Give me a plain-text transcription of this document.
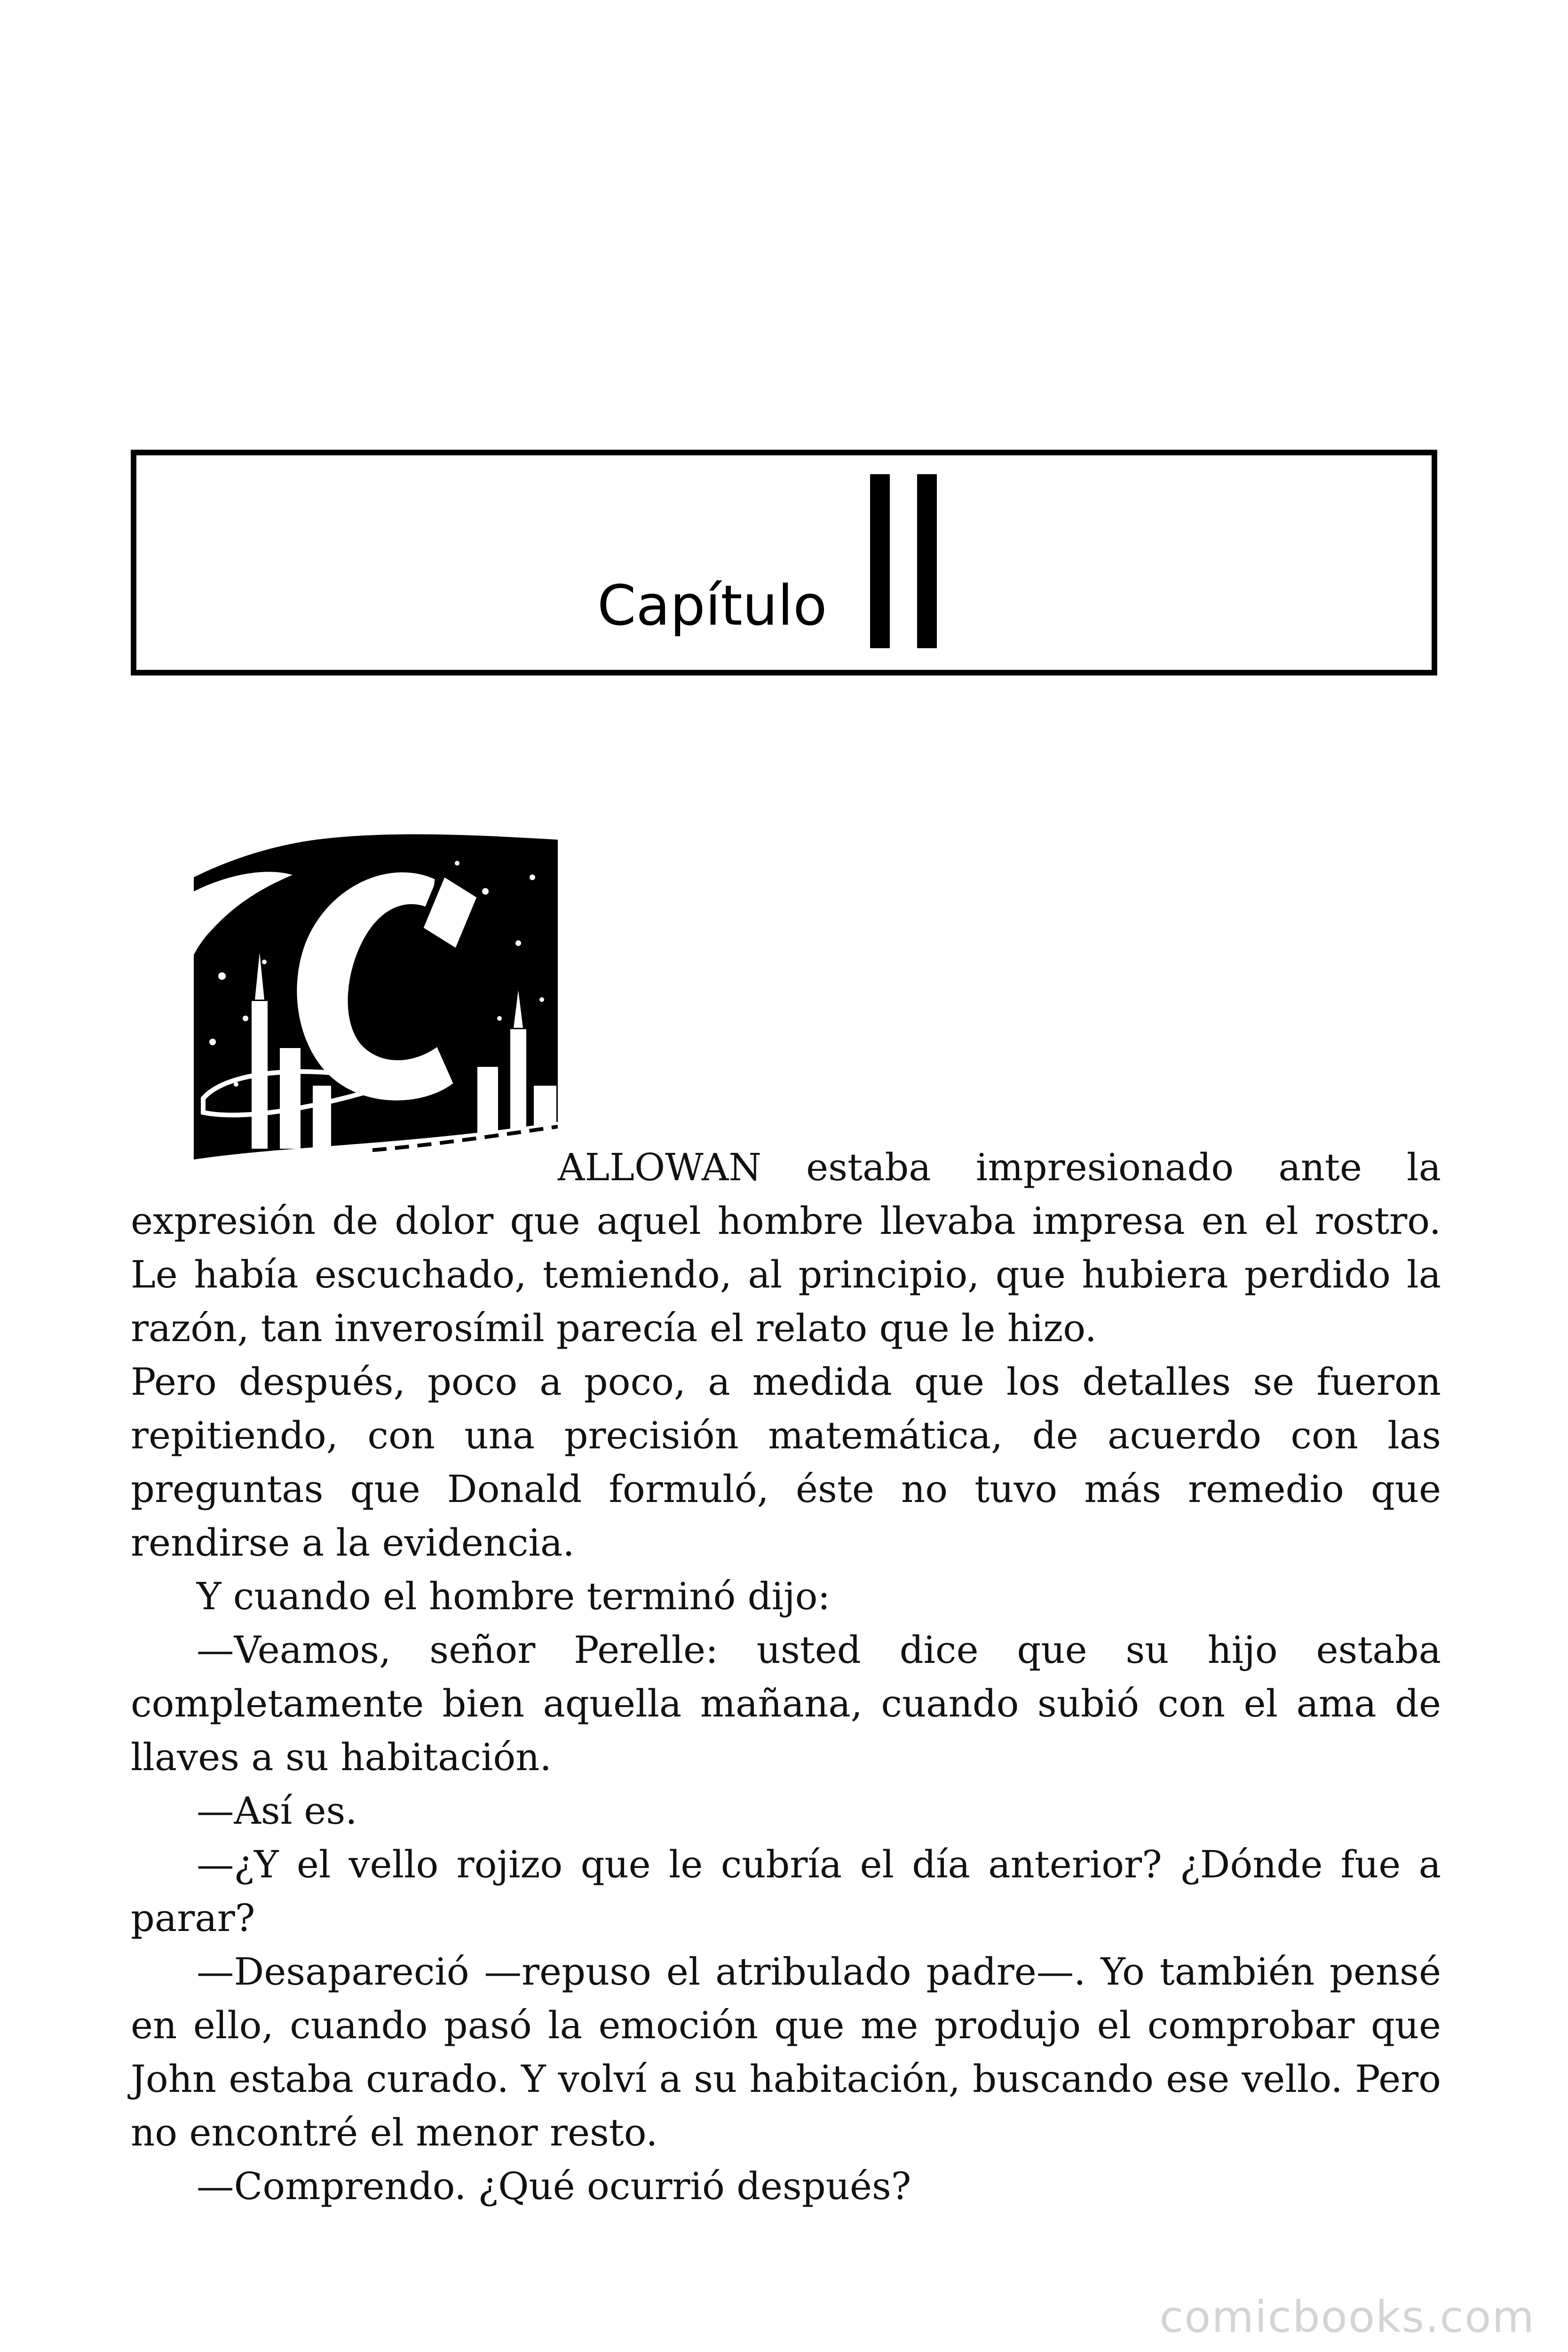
Capítulo

ALLOWAN estaba impresionado ante la expresión de dolor que aquel hombre llevaba impresa en el rostro. Le había escuchado, temiendo, al principio, que hubiera perdido la razón, tan inverosímil parecía el relato que le hizo.

Pero después, poco a poco, a medida que los detalles se fueron repitiendo, con una precisión matemática, de acuerdo con las preguntas que Donald formuló, éste no tuvo más remedio que rendirse a la evidencia.

Y cuando el hombre terminó dijo:

—Veamos, señor Perelle: usted dice que su hijo estaba completamente bien aquella mañana, cuando subió con el ama de llaves a su habitación.

—Así es.

—¿Y el vello rojizo que le cubría el día anterior? ¿Dónde fue a parar?

—Desapareció —repuso el atribulado padre—. Yo también pensé en ello, cuando pasó la emoción que me produjo el comprobar que John estaba curado. Y volví a su habitación, buscando ese vello. Pero no encontré el menor resto.

—Comprendo. ¿Qué ocurrió después?

comicbooks.com
